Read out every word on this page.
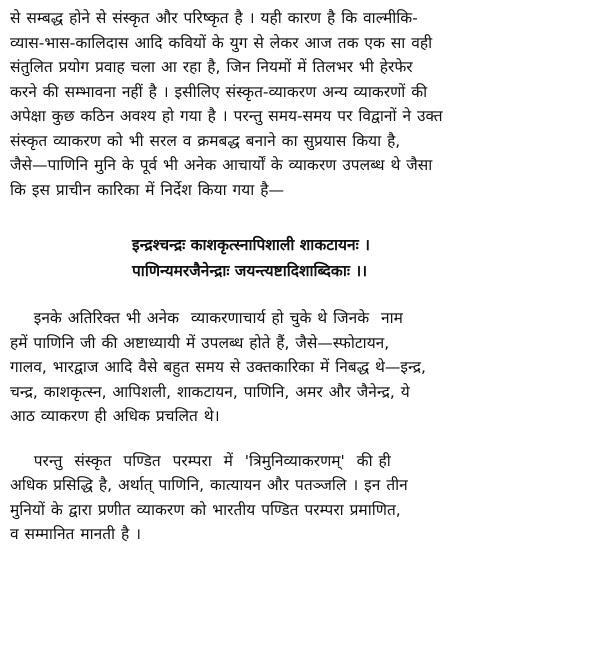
से सम्बद्ध होने से संस्कृत और परिष्कृत है । यही कारण है कि वाल्मीकि-
व्यास-भास-कालिदास आदि कवियों के युग से लेकर आज तक एक सा वही
संतुलित प्रयोग प्रवाह चला आ रहा है, जिन नियमों में तिलभर भी हेरफेर
करने की सम्भावना नहीं है । इसीलिए संस्कृत-व्याकरण अन्य व्याकरणों की
अपेक्षा कुछ कठिन अवश्य हो गया है । परन्तु समय-समय पर विद्वानों ने उक्त
संस्कृत व्याकरण को भी सरल व क्रमबद्ध बनाने का सुप्रयास किया है,
जैसे—पाणिनि मुनि के पूर्व भी अनेक आचार्यों के व्याकरण उपलब्ध थे जैसा
कि इस प्राचीन कारिका में निर्देश किया गया है—

इन्द्रश्चन्द्रः काशकृत्स्नापिशाली शाकटायनः ।
पाणिन्यमरजैनेन्द्राः जयन्त्यष्टादिशाब्दिकाः ।।

इनके अतिरिक्त भी अनेक  व्याकरणाचार्य हो चुके थे जिनके  नाम
हमें पाणिनि जी की अष्टाध्यायी में उपलब्ध होते हैं, जैसे—स्फोटायन,
गालव, भारद्वाज आदि वैसे बहुत समय से उक्तकारिका में निबद्ध थे—इन्द्र,
चन्द्र, काशकृत्स्न, आपिशली, शाकटायन, पाणिनि, अमर और जैनेन्द्र, ये
आठ व्याकरण ही अधिक प्रचलित थे।

परन्तु  संस्कृत  पण्डित  परम्परा  में  'त्रिमुनिव्याकरणम्'  की ही
अधिक प्रसिद्धि है, अर्थात् पाणिनि, कात्यायन और पतञ्जलि । इन तीन
मुनियों के द्वारा प्रणीत व्याकरण को भारतीय पण्डित परम्परा प्रमाणित,
व सम्मानित मानती है ।
